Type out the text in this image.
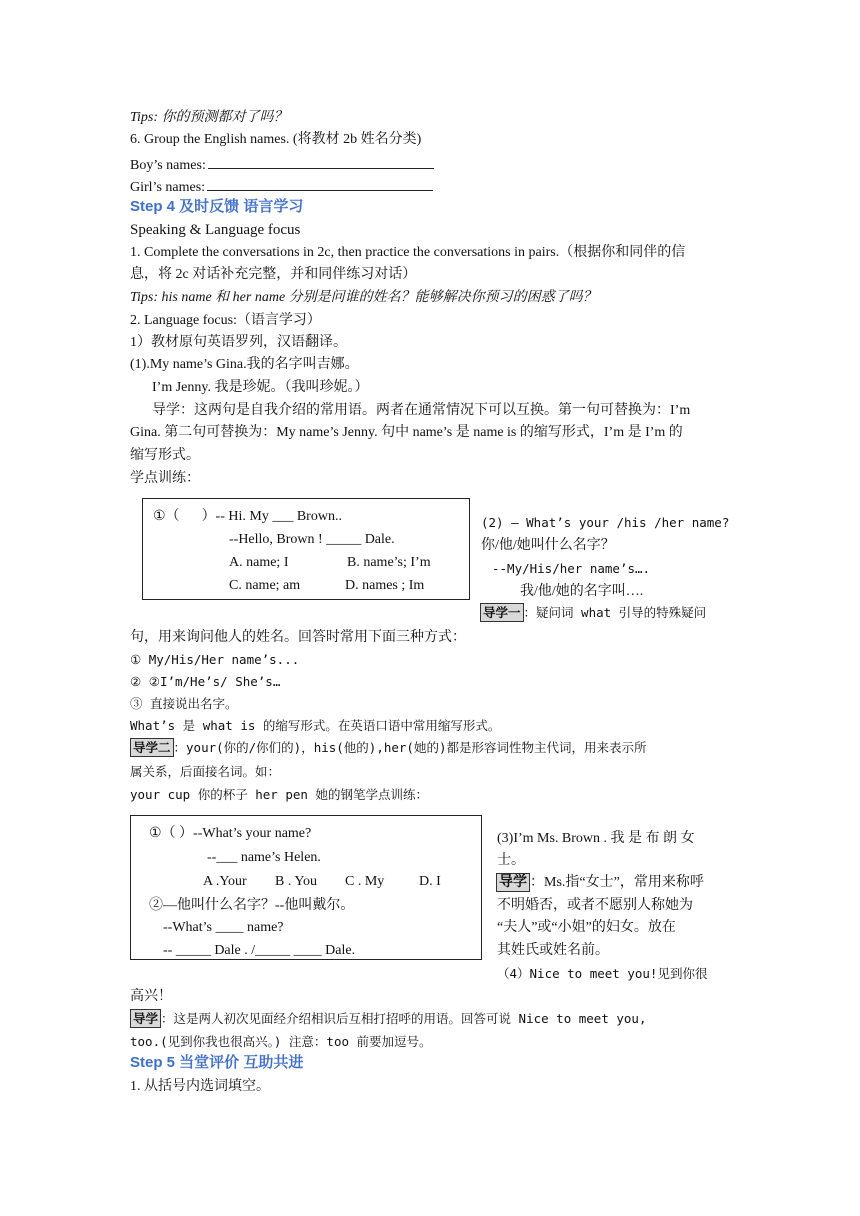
Tips: 你的预测都对了吗？
6. Group the English names. (将教材 2b 姓名分类)
Boy’s names:
Girl’s names:
Step 4 及时反馈 语言学习
Speaking & Language focus
1. Complete the conversations in 2c, then practice the conversations in pairs.（根据你和同伴的信
息，将 2c 对话补充完整，并和同伴练习对话）
Tips: his name 和 her name 分别是问谁的姓名？能够解决你预习的困惑了吗？
2. Language focus:（语言学习）
1）教材原句英语罗列，汉语翻译。
(1).My name’s Gina.我的名字叫吉娜。
I’m Jenny. 我是珍妮。（我叫珍妮。）
导学：这两句是自我介绍的常用语。两者在通常情况下可以互换。第一句可替换为：I’m
Gina. 第二句可替换为：My name’s Jenny. 句中 name’s 是 name is 的缩写形式，I’m 是 I’m 的
缩写形式。
学点训练：
①（ ）-- Hi. My ___ Brown..
--Hello, Brown ! _____ Dale.
A. name; I	B. name’s; I’m
C. name; am	D. names ; Im
(2) – What’s your /his /her name?
你/他/她叫什么名字？
--My/His/her name’s….
我/他/她的名字叫….
导学一 ：疑问词 what 引导的特殊疑问
句，用来询问他人的姓名。回答时常用下面三种方式：
① My/His/Her name’s...
② ②I’m/He’s/ She’s…
③ 直接说出名字。
What’s 是 what is 的缩写形式。在英语口语中常用缩写形式。
导学二 ：your(你的/你们的)，his(他的),her(她的)都是形容词性物主代词，用来表示所
属关系，后面接名词。如：
your cup 你的杯子 her pen 她的钢笔学点训练：
①（ ）--What’s your name?
--___ name’s Helen.
A .Your B . You C . My D. I
②—他叫什么名字？--他叫戴尔。
--What’s ____ name?
-- _____ Dale . /_____ ____ Dale.
(3)I’m Ms. Brown . 我 是 布 朗 女
士。
导学 ：Ms.指“女士”，常用来称呼
不明婚否，或者不愿别人称她为
“夫人”或“小姐”的妇女。放在
其姓氏或姓名前。
（4）Nice to meet you!见到你很
高兴！
导学 ：这是两人初次见面经介绍相识后互相打招呼的用语。回答可说 Nice to meet you,
too.(见到你我也很高兴。) 注意：too 前要加逗号。
Step 5 当堂评价 互助共进
1. 从括号内选词填空。
